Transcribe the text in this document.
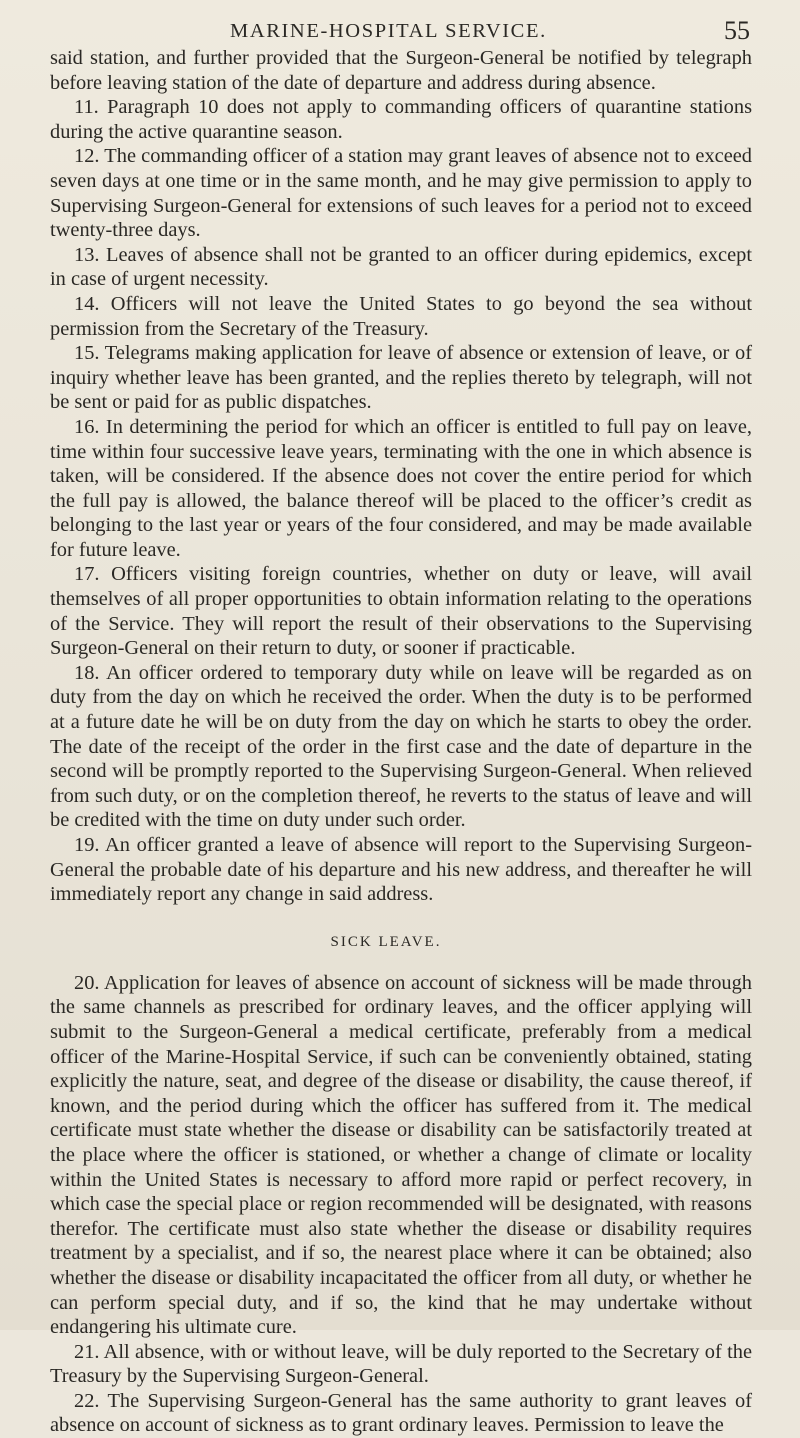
MARINE-HOSPITAL SERVICE.	55

said station, and further provided that the Surgeon-General be notified by telegraph before leaving station of the date of departure and address during absence.

11. Paragraph 10 does not apply to commanding officers of quarantine stations during the active quarantine season.

12. The commanding officer of a station may grant leaves of absence not to exceed seven days at one time or in the same month, and he may give permission to apply to Supervising Surgeon-General for extensions of such leaves for a period not to exceed twenty-three days.

13. Leaves of absence shall not be granted to an officer during epidemics, except in case of urgent necessity.

14. Officers will not leave the United States to go beyond the sea without permission from the Secretary of the Treasury.

15. Telegrams making application for leave of absence or extension of leave, or of inquiry whether leave has been granted, and the replies thereto by telegraph, will not be sent or paid for as public dispatches.

16. In determining the period for which an officer is entitled to full pay on leave, time within four successive leave years, terminating with the one in which absence is taken, will be considered. If the absence does not cover the entire period for which the full pay is allowed, the balance thereof will be placed to the officer’s credit as belonging to the last year or years of the four considered, and may be made available for future leave.

17. Officers visiting foreign countries, whether on duty or leave, will avail themselves of all proper opportunities to obtain information relating to the operations of the Service. They will report the result of their observations to the Supervising Surgeon-General on their return to duty, or sooner if practicable.

18. An officer ordered to temporary duty while on leave will be regarded as on duty from the day on which he received the order. When the duty is to be performed at a future date he will be on duty from the day on which he starts to obey the order. The date of the receipt of the order in the first case and the date of departure in the second will be promptly reported to the Supervising Surgeon-General. When relieved from such duty, or on the completion thereof, he reverts to the status of leave and will be credited with the time on duty under such order.

19. An officer granted a leave of absence will report to the Supervising Surgeon-General the probable date of his departure and his new address, and thereafter he will immediately report any change in said address.

SICK LEAVE.

20. Application for leaves of absence on account of sickness will be made through the same channels as prescribed for ordinary leaves, and the officer applying will submit to the Surgeon-General a medical certificate, preferably from a medical officer of the Marine-Hospital Service, if such can be conveniently obtained, stating explicitly the nature, seat, and degree of the disease or disability, the cause thereof, if known, and the period during which the officer has suffered from it. The medical certificate must state whether the disease or disability can be satisfactorily treated at the place where the officer is stationed, or whether a change of climate or locality within the United States is necessary to afford more rapid or perfect recovery, in which case the special place or region recommended will be designated, with reasons therefor. The certificate must also state whether the disease or disability requires treatment by a specialist, and if so, the nearest place where it can be obtained; also whether the disease or disability incapacitated the officer from all duty, or whether he can perform special duty, and if so, the kind that he may undertake without endangering his ultimate cure.

21. All absence, with or without leave, will be duly reported to the Secretary of the Treasury by the Supervising Surgeon-General.

22. The Supervising Surgeon-General has the same authority to grant leaves of absence on account of sickness as to grant ordinary leaves. Permission to leave the
